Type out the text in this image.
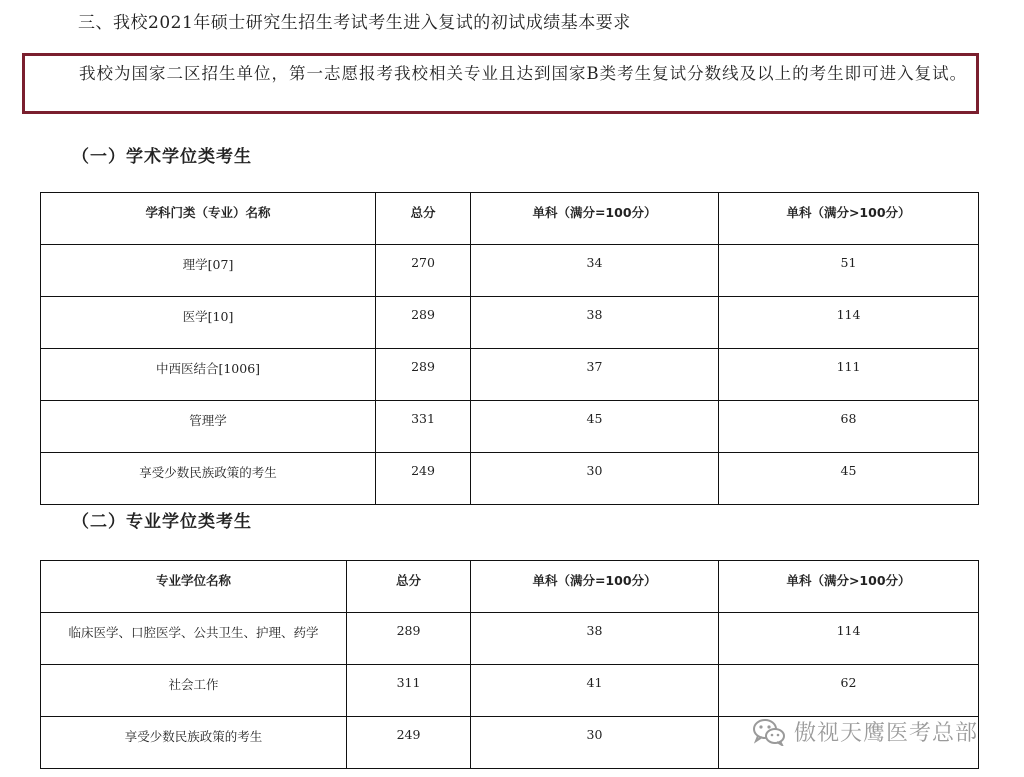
三、我校2021年硕士研究生招生考试考生进入复试的初试成绩基本要求
我校为国家二区招生单位，第一志愿报考我校相关专业且达到国家B类考生复试分数线及以上的考生即可进入复试。
（一）学术学位类考生
学科门类（专业）名称	总分	单科（满分=100分）	单科（满分>100分）
理学[07]	270	34	51
医学[10]	289	38	114
中西医结合[1006]	289	37	111
管理学	331	45	68
享受少数民族政策的考生	249	30	45
（二）专业学位类考生
专业学位名称	总分	单科（满分=100分）	单科（满分>100分）
临床医学、口腔医学、公共卫生、护理、药学	289	38	114
社会工作	311	41	62
享受少数民族政策的考生	249	30		傲视天鹰医考总部
